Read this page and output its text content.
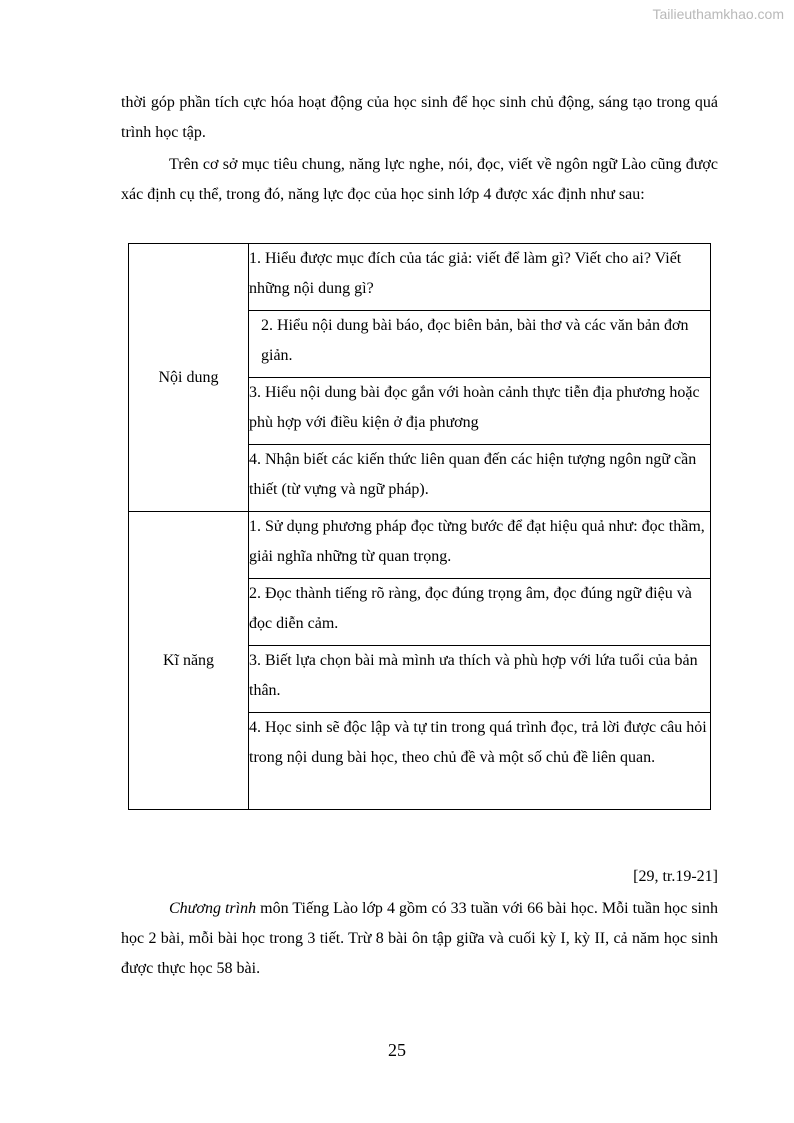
Tailieuthamkhao.com

thời góp phần tích cực hóa hoạt động của học sinh để học sinh chủ động, sáng tạo trong quá trình học tập.

Trên cơ sở mục tiêu chung, năng lực nghe, nói, đọc, viết về ngôn ngữ Lào cũng được xác định cụ thể, trong đó, năng lực đọc của học sinh lớp 4 được xác định như sau:

Nội dung	1. Hiểu được mục đích của tác giả: viết để làm gì? Viết cho ai? Viết những nội dung gì?
	2. Hiểu nội dung bài báo, đọc biên bản, bài thơ và các văn bản đơn giản.
	3. Hiểu nội dung bài đọc gắn với hoàn cảnh thực tiễn địa phương hoặc phù hợp với điều kiện ở địa phương
	4. Nhận biết các kiến thức liên quan đến các hiện tượng ngôn ngữ cần thiết (từ vựng và ngữ pháp).
Kĩ năng	1. Sử dụng phương pháp đọc từng bước để đạt hiệu quả như: đọc thầm, giải nghĩa những từ quan trọng.
	2. Đọc thành tiếng rõ ràng, đọc đúng trọng âm, đọc đúng ngữ điệu và đọc diễn cảm.
	3. Biết lựa chọn bài mà mình ưa thích và phù hợp với lứa tuổi của bản thân.
	4. Học sinh sẽ độc lập và tự tin trong quá trình đọc, trả lời được câu hỏi trong nội dung bài học, theo chủ đề và một số chủ đề liên quan.
[29, tr.19-21]

Chương trình môn Tiếng Lào lớp 4 gồm có 33 tuần với 66 bài học. Mỗi tuần học sinh học 2 bài, mỗi bài học trong 3 tiết. Trừ 8 bài ôn tập giữa và cuối kỳ I, kỳ II, cả năm học sinh được thực học 58 bài.

25
